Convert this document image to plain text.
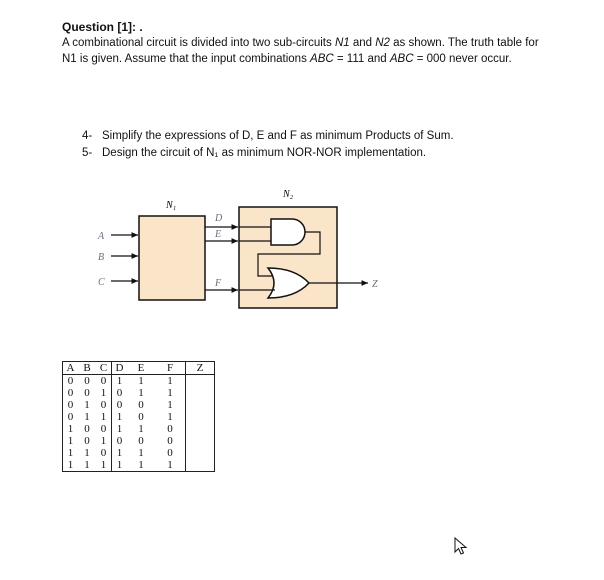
Question [1]: .
A combinational circuit is divided into two sub-circuits N1 and N2 as shown. The truth table for
N1 is given. Assume that the input combinations ABC = 111 and ABC = 000 never occur.
4- Simplify the expressions of D, E and F as minimum Products of Sum.
5- Design the circuit of N₁ as minimum NOR-NOR implementation.
N₁
A
B
C
N₂
D
E
F	Z
A	B	C	D	E	F	Z
0	0	0	1	1	1	
0	0	1	0	1	1	
0	1	0	0	0	1	
0	1	1	1	0	1	
1	0	0	1	1	0	
1	0	1	0	0	0	
1	1	0	1	1	0	
1	1	1	1	1	1	
